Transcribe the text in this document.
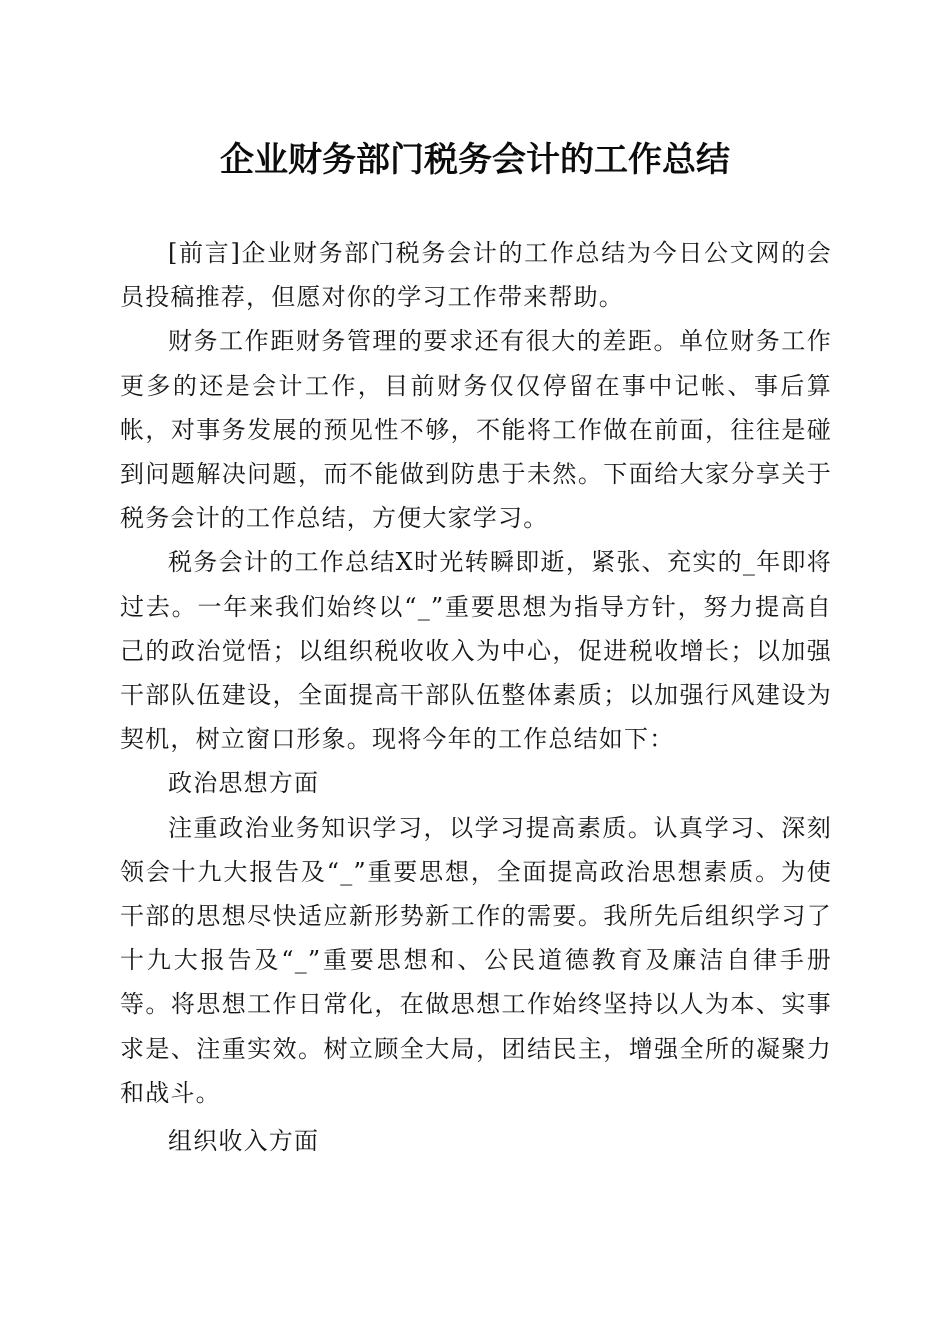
企业财务部门税务会计的工作总结

[前言]企业财务部门税务会计的工作总结为今日公文网的会员投稿推荐，但愿对你的学习工作带来帮助。

财务工作距财务管理的要求还有很大的差距。单位财务工作更多的还是会计工作，目前财务仅仅停留在事中记帐、事后算帐，对事务发展的预见性不够，不能将工作做在前面，往往是碰到问题解决问题，而不能做到防患于未然。下面给大家分享关于税务会计的工作总结，方便大家学习。

税务会计的工作总结X时光转瞬即逝，紧张、充实的_年即将过去。一年来我们始终以“_”重要思想为指导方针，努力提高自己的政治觉悟；以组织税收收入为中心，促进税收增长；以加强干部队伍建设，全面提高干部队伍整体素质；以加强行风建设为契机，树立窗口形象。现将今年的工作总结如下：

政治思想方面

注重政治业务知识学习，以学习提高素质。认真学习、深刻领会十九大报告及“_”重要思想，全面提高政治思想素质。为使干部的思想尽快适应新形势新工作的需要。我所先后组织学习了十九大报告及“_”重要思想和、公民道德教育及廉洁自律手册等。将思想工作日常化，在做思想工作始终坚持以人为本、实事求是、注重实效。树立顾全大局，团结民主，增强全所的凝聚力和战斗。

组织收入方面
